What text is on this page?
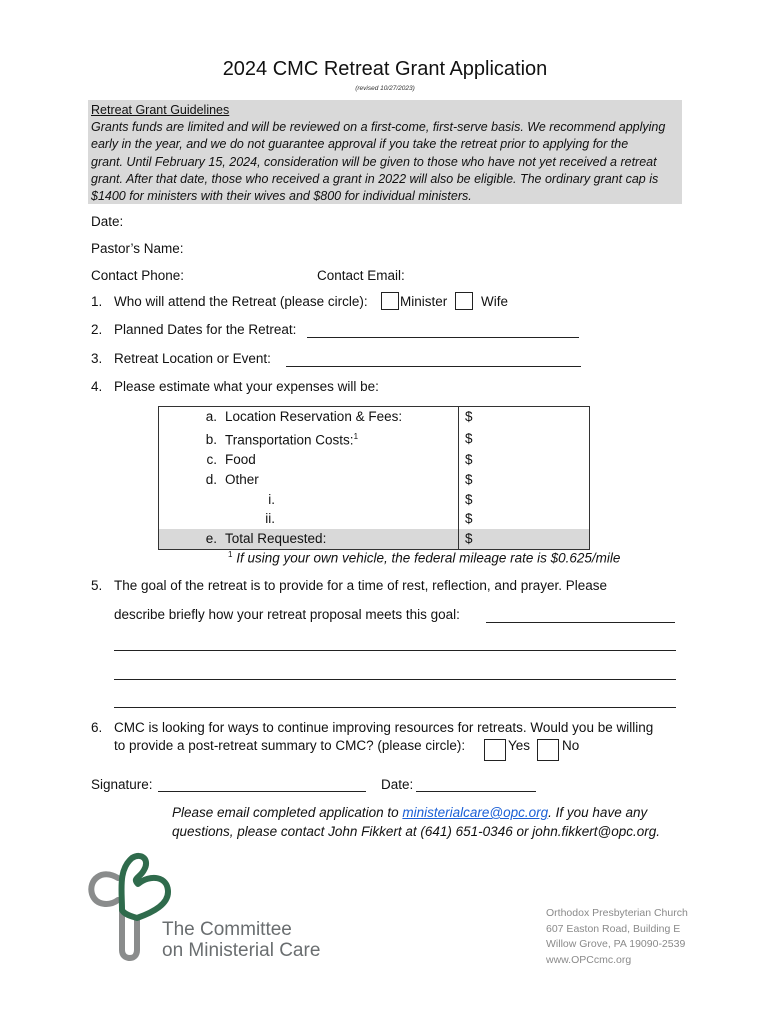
2024 CMC Retreat Grant Application
(revised 10/27/2023)
Retreat Grant Guidelines
Grants funds are limited and will be reviewed on a first-come, first-serve basis. We recommend applying
early in the year, and we do not guarantee approval if you take the retreat prior to applying for the
grant. Until February 15, 2024, consideration will be given to those who have not yet received a retreat
grant. After that date, those who received a grant in 2022 will also be eligible. The ordinary grant cap is
$1400 for ministers with their wives and $800 for individual ministers.
Date:
Pastor’s Name:
Contact Phone:	Contact Email:
1. Who will attend the Retreat (please circle): Minister Wife
2. Planned Dates for the Retreat:
3. Retreat Location or Event:
4. Please estimate what your expenses will be:
a. Location Reservation & Fees:	$
b. Transportation Costs:$^1$	$
c. Food	$
d. Other	$
i.	$
ii.	$
e. Total Requested:	$
$^1$ If using your own vehicle, the federal mileage rate is $0.625/mile
5. The goal of the retreat is to provide for a time of rest, reflection, and prayer. Please
describe briefly how your retreat proposal meets this goal:
6. CMC is looking for ways to continue improving resources for retreats. Would you be willing
to provide a post-retreat summary to CMC? (please circle):	Yes No
Signature:	Date:
Please email completed application to ministerialcare@opc.org. If you have any
questions, please contact John Fikkert at (641) 651-0346 or john.fikkert@opc.org.
The Committee
on Ministerial Care
Orthodox Presbyterian Church
607 Easton Road, Building E
Willow Grove, PA 19090-2539
www.OPCcmc.org
